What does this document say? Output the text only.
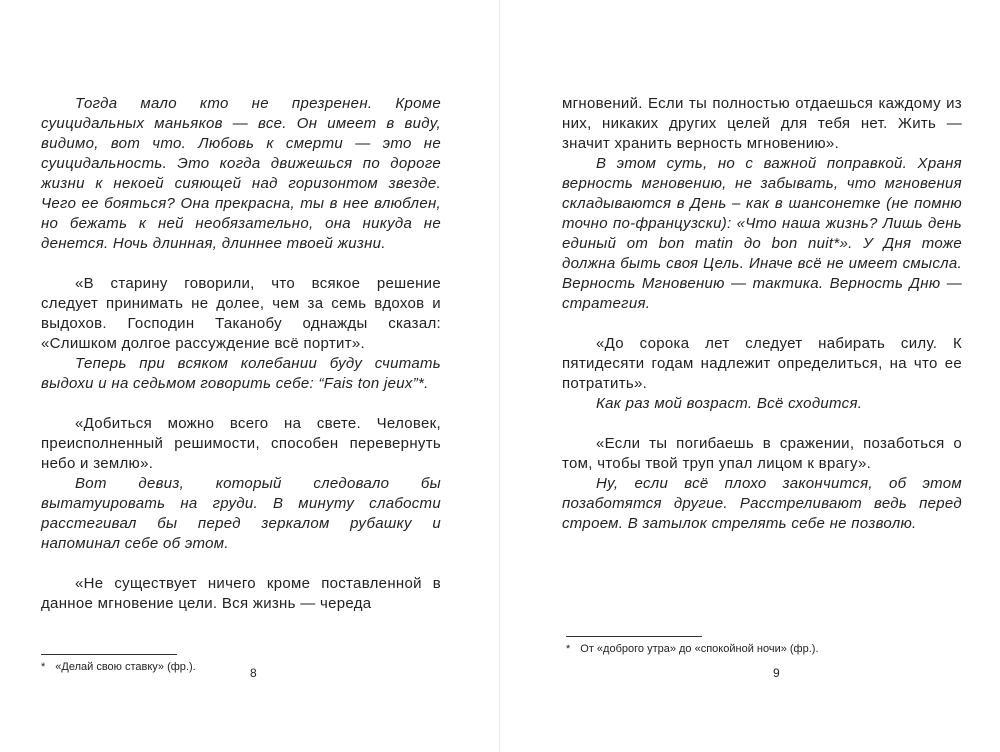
Тогда мало кто не презренен. Кроме суицидальных маньяков — все. Он имеет в виду, видимо, вот что. Любовь к смерти — это не суицидальность. Это когда движешься по дороге жизни к некоей сияющей над горизонтом звезде. Чего ее бояться? Она прекрасна, ты в нее влюблен, но бежать к ней необязательно, она никуда не денется. Ночь длинная, длиннее твоей жизни.

«В старину говорили, что всякое решение следует принимать не долее, чем за семь вдохов и выдохов. Господин Таканобу однажды сказал: «Слишком долгое рассуждение всё портит».

Теперь при всяком колебании буду считать выдохи и на седьмом говорить себе: “Fais ton jeux”*.

«Добиться можно всего на свете. Человек, преисполненный решимости, способен перевернуть небо и землю».

Вот девиз, который следовало бы вытатуировать на груди. В минуту слабости расстегивал бы перед зеркалом рубашку и напоминал себе об этом.

«Не существует ничего кроме поставленной в данное мгновение цели. Вся жизнь — череда

* «Делай свою ставку» (фр.).	8

мгновений. Если ты полностью отдаешься каждому из них, никаких других целей для тебя нет. Жить — значит хранить верность мгновению».

В этом суть, но с важной поправкой. Храня верность мгновению, не забывать, что мгновения складываются в День – как в шансонетке (не помню точно по-французски): «Что наша жизнь? Лишь день единый от bon matin до bon nuit*». У Дня тоже должна быть своя Цель. Иначе всё не имеет смысла. Верность Мгновению — тактика. Верность Дню — стратегия.

«До сорока лет следует набирать силу. К пятидесяти годам надлежит определиться, на что ее потратить».

Как раз мой возраст. Всё сходится.

«Если ты погибаешь в сражении, позаботься о том, чтобы твой труп упал лицом к врагу».

Ну, если всё плохо закончится, об этом позаботятся другие. Расстреливают ведь перед строем. В затылок стрелять себе не позволю.

* От «доброго утра» до «спокойной ночи» (фр.).
9
